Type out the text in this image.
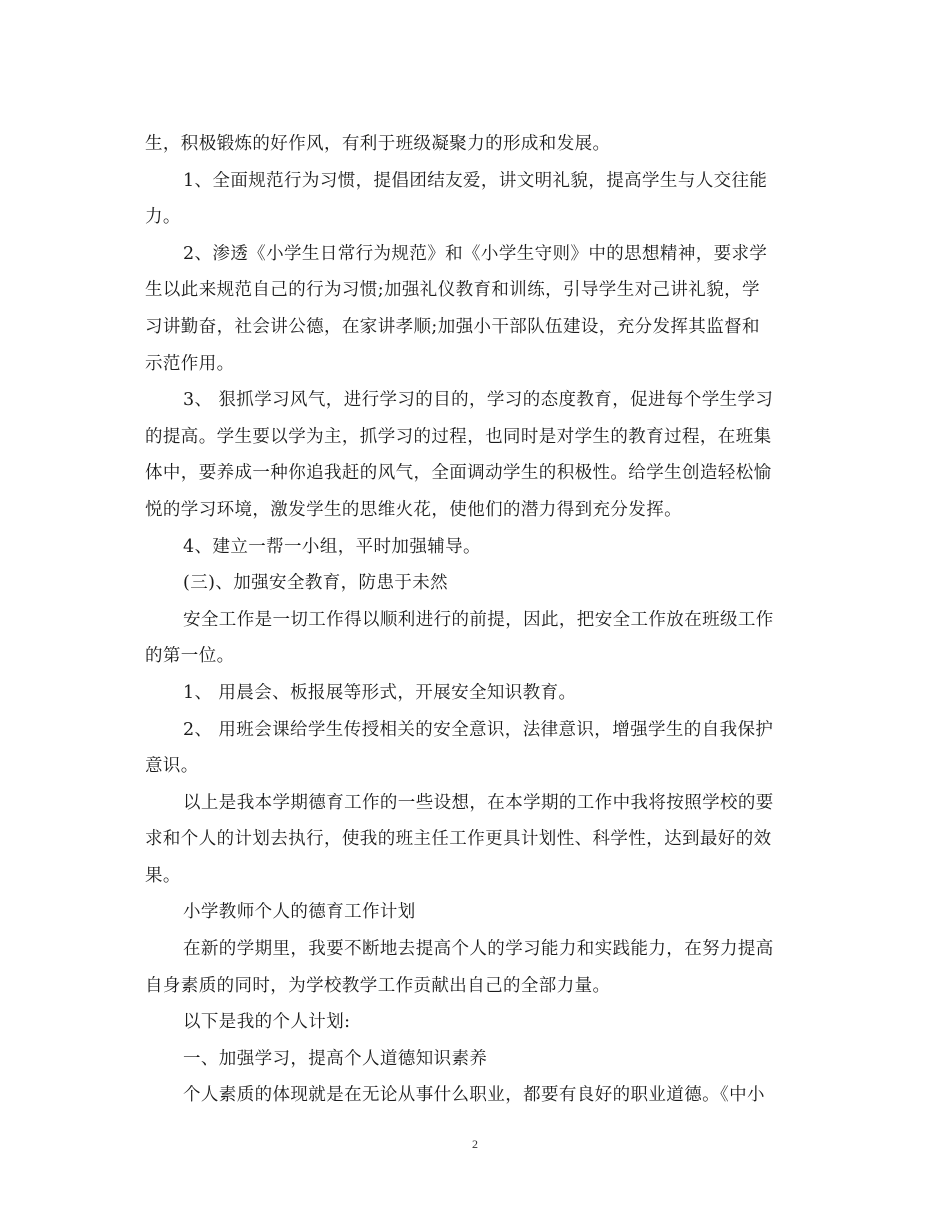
生，积极锻炼的好作风，有利于班级凝聚力的形成和发展。
1、全面规范行为习惯，提倡团结友爱，讲文明礼貌，提高学生与人交往能
力。
2、渗透《小学生日常行为规范》和《小学生守则》中的思想精神，要求学
生以此来规范自己的行为习惯;加强礼仪教育和训练，引导学生对己讲礼貌，学
习讲勤奋，社会讲公德，在家讲孝顺;加强小干部队伍建设，充分发挥其监督和
示范作用。
3、 狠抓学习风气，进行学习的目的，学习的态度教育，促进每个学生学习
的提高。学生要以学为主，抓学习的过程，也同时是对学生的教育过程，在班集
体中，要养成一种你追我赶的风气，全面调动学生的积极性。给学生创造轻松愉
悦的学习环境，激发学生的思维火花，使他们的潜力得到充分发挥。
4、建立一帮一小组，平时加强辅导。
(三)、加强安全教育，防患于未然
安全工作是一切工作得以顺利进行的前提，因此，把安全工作放在班级工作
的第一位。
1、 用晨会、板报展等形式，开展安全知识教育。
2、 用班会课给学生传授相关的安全意识，法律意识，增强学生的自我保护
意识。
以上是我本学期德育工作的一些设想，在本学期的工作中我将按照学校的要
求和个人的计划去执行，使我的班主任工作更具计划性、科学性，达到最好的效
果。
小学教师个人的德育工作计划
在新的学期里，我要不断地去提高个人的学习能力和实践能力，在努力提高
自身素质的同时，为学校教学工作贡献出自己的全部力量。
以下是我的个人计划:
一、加强学习，提高个人道德知识素养
个人素质的体现就是在无论从事什么职业，都要有良好的职业道德。《中小
2
